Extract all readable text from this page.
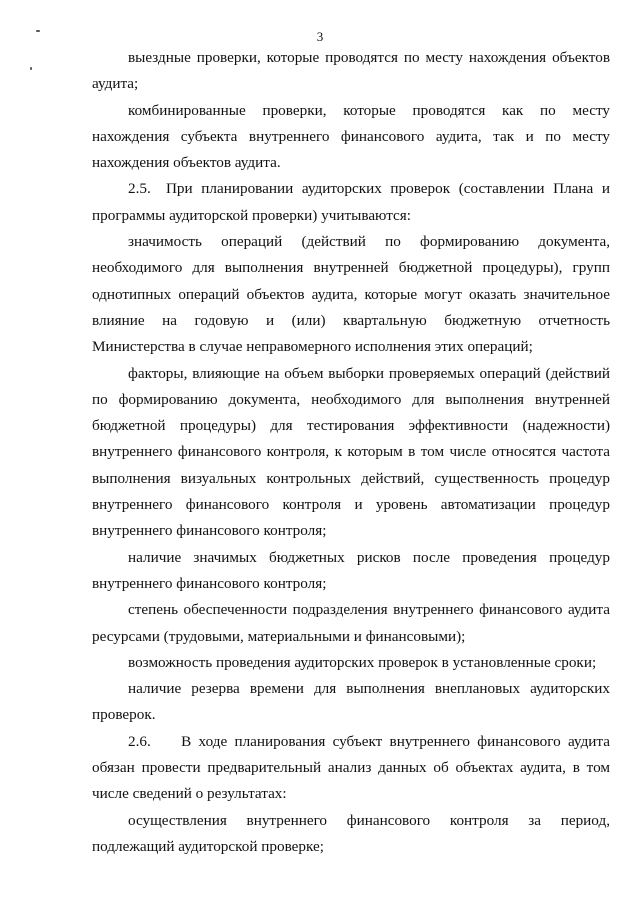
3

выездные проверки, которые проводятся по месту нахождения объектов аудита;

комбинированные проверки, которые проводятся как по месту нахождения субъекта внутреннего финансового аудита, так и по месту нахождения объектов аудита.

2.5. При планировании аудиторских проверок (составлении Плана и программы аудиторской проверки) учитываются:

значимость операций (действий по формированию документа, необходимого для выполнения внутренней бюджетной процедуры), групп однотипных операций объектов аудита, которые могут оказать значительное влияние на годовую и (или) квартальную бюджетную отчетность Министерства в случае неправомерного исполнения этих операций;

факторы, влияющие на объем выборки проверяемых операций (действий по формированию документа, необходимого для выполнения внутренней бюджетной процедуры) для тестирования эффективности (надежности) внутреннего финансового контроля, к которым в том числе относятся частота выполнения визуальных контрольных действий, существенность процедур внутреннего финансового контроля и уровень автоматизации процедур внутреннего финансового контроля;

наличие значимых бюджетных рисков после проведения процедур внутреннего финансового контроля;

степень обеспеченности подразделения внутреннего финансового аудита ресурсами (трудовыми, материальными и финансовыми);

возможность проведения аудиторских проверок в установленные сроки;

наличие резерва времени для выполнения внеплановых аудиторских проверок.

2.6.  В ходе планирования субъект внутреннего финансового аудита обязан провести предварительный анализ данных об объектах аудита, в том числе сведений о результатах:

осуществления внутреннего финансового контроля за период, подлежащий аудиторской проверке;
